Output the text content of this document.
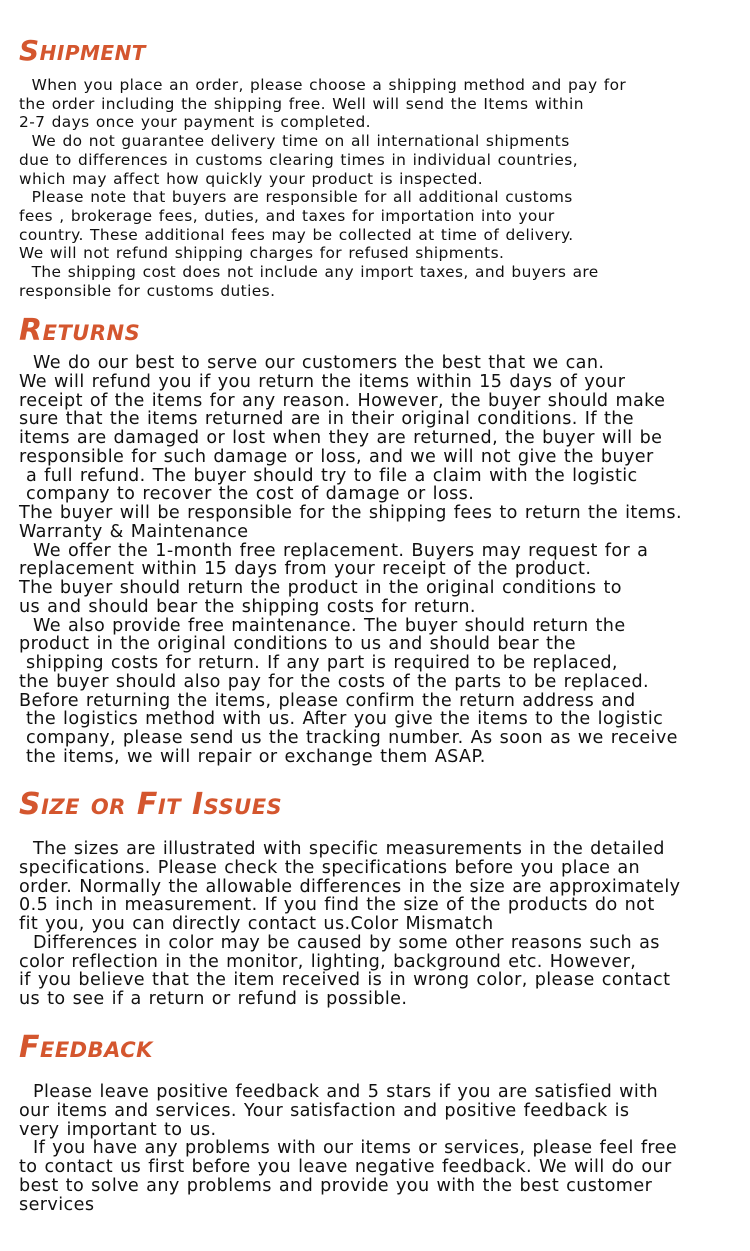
Shipment
When you place an order, please choose a shipping method and pay for
the order including the shipping free. Well will send the Items within
2-7 days once your payment is completed.
We do not guarantee delivery time on all international shipments
due to differences in customs clearing times in individual countries,
which may affect how quickly your product is inspected.
Please note that buyers are responsible for all additional customs
fees , brokerage fees, duties, and taxes for importation into your
country. These additional fees may be collected at time of delivery.
We will not refund shipping charges for refused shipments.
The shipping cost does not include any import taxes, and buyers are
responsible for customs duties.
Returns
We do our best to serve our customers the best that we can.
We will refund you if you return the items within 15 days of your
receipt of the items for any reason. However, the buyer should make
sure that the items returned are in their original conditions. If the
items are damaged or lost when they are returned, the buyer will be
responsible for such damage or loss, and we will not give the buyer
a full refund. The buyer should try to file a claim with the logistic
company to recover the cost of damage or loss.
The buyer will be responsible for the shipping fees to return the items.
Warranty & Maintenance
We offer the 1-month free replacement. Buyers may request for a
replacement within 15 days from your receipt of the product.
The buyer should return the product in the original conditions to
us and should bear the shipping costs for return.
We also provide free maintenance. The buyer should return the
product in the original conditions to us and should bear the
shipping costs for return. If any part is required to be replaced,
the buyer should also pay for the costs of the parts to be replaced.
Before returning the items, please confirm the return address and
the logistics method with us. After you give the items to the logistic
company, please send us the tracking number. As soon as we receive
the items, we will repair or exchange them ASAP.
Size or Fit Issues
The sizes are illustrated with specific measurements in the detailed
specifications. Please check the specifications before you place an
order. Normally the allowable differences in the size are approximately
0.5 inch in measurement. If you find the size of the products do not
fit you, you can directly contact us.Color Mismatch
Differences in color may be caused by some other reasons such as
color reflection in the monitor, lighting, background etc. However,
if you believe that the item received is in wrong color, please contact
us to see if a return or refund is possible.
Feedback
Please leave positive feedback and 5 stars if you are satisfied with
our items and services. Your satisfaction and positive feedback is
very important to us.
If you have any problems with our items or services, please feel free
to contact us first before you leave negative feedback. We will do our
best to solve any problems and provide you with the best customer
services
